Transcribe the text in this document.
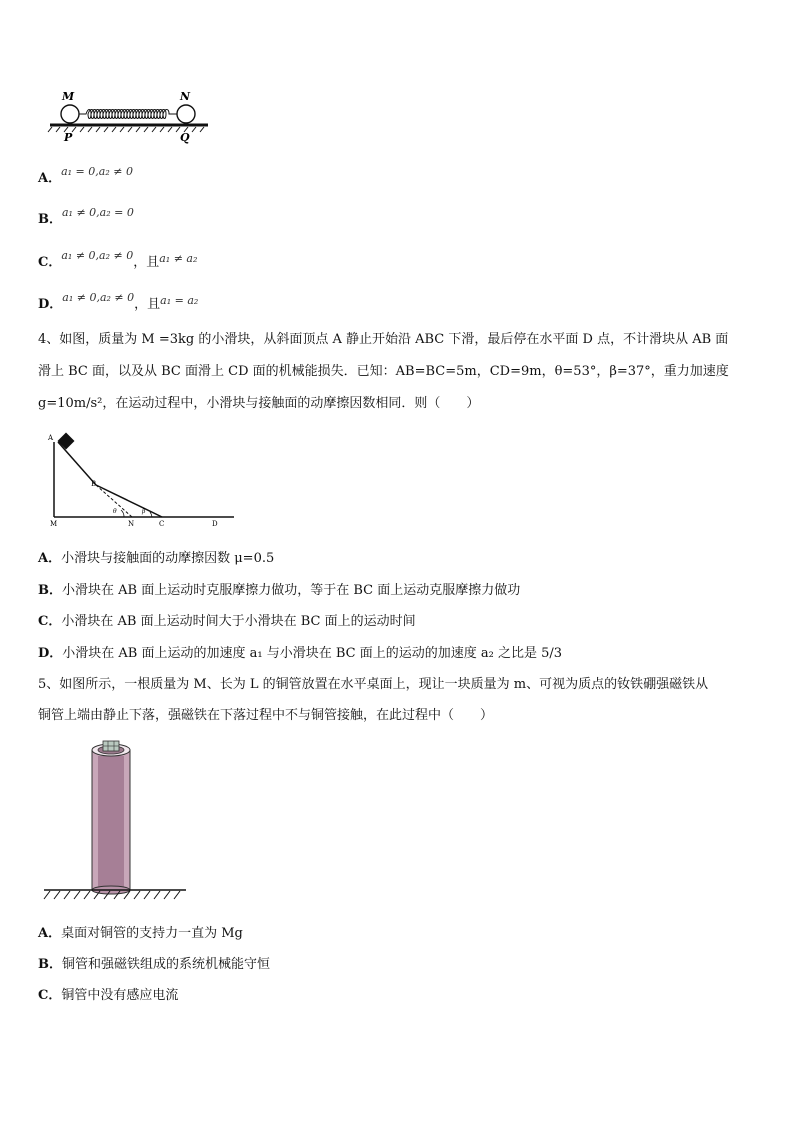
M	N
P	Q
A．$^{a_1 = 0,a_2 \ne 0}$
B．$^{a_1 \ne 0,a_2 = 0}$
C．$^{a_1 \ne 0,a_2 \ne 0}$，且$^{a_1 \ne a_2}$
D．$^{a_1 \ne 0,a_2 \ne 0}$，且$^{a_1 = a_2}$
4、如图，质量为 M =3kg 的小滑块，从斜面顶点 A 静止开始沿 ABC 下滑，最后停在水平面 D 点，不计滑块从 AB 面
滑上 BC 面，以及从 BC 面滑上 CD 面的机械能损失．已知：AB=BC=5m，CD=9m，θ=53°，β=37°，重力加速度
g=10m/s²，在运动过程中，小滑块与接触面的动摩擦因数相同．则（　　）
A
B
M	N	C	D
θ	β
A．小滑块与接触面的动摩擦因数 μ=0.5
B．小滑块在 AB 面上运动时克服摩擦力做功，等于在 BC 面上运动克服摩擦力做功
C．小滑块在 AB 面上运动时间大于小滑块在 BC 面上的运动时间
D．小滑块在 AB 面上运动的加速度 a₁ 与小滑块在 BC 面上的运动的加速度 a₂ 之比是 5/3
5、如图所示，一根质量为 M、长为 L 的铜管放置在水平桌面上，现让一块质量为 m、可视为质点的钕铁硼强磁铁从
铜管上端由静止下落，强磁铁在下落过程中不与铜管接触，在此过程中（　　）
A．桌面对铜管的支持力一直为 Mg
B．铜管和强磁铁组成的系统机械能守恒
C．铜管中没有感应电流
